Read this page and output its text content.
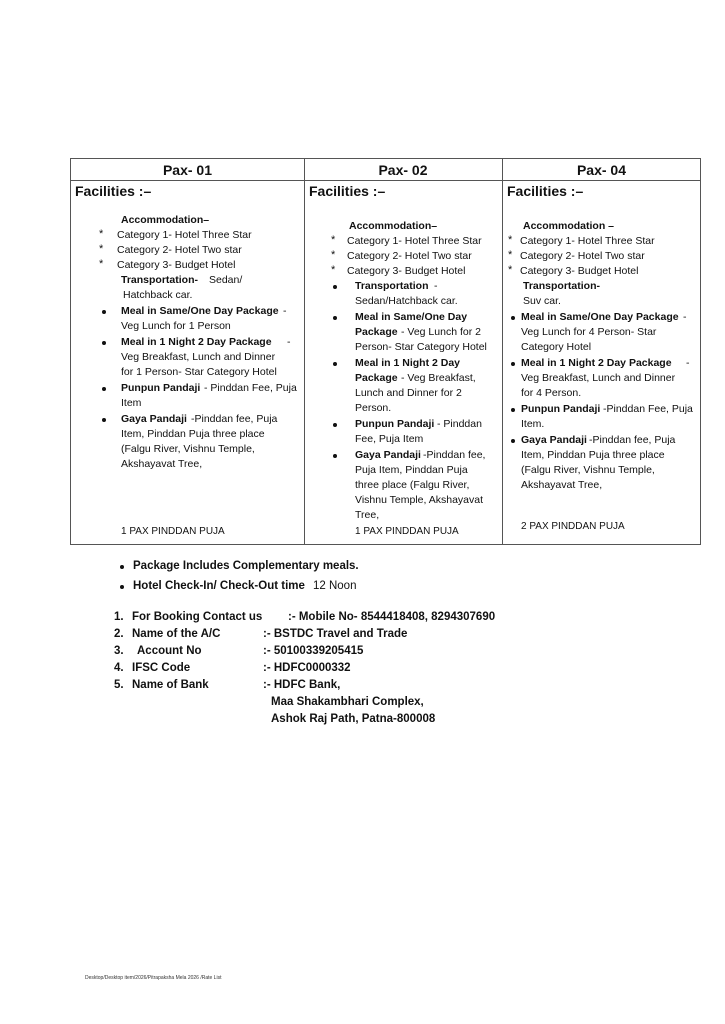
Pax- 01	Pax- 02	Pax- 04
Facilities :–
Accommodation–
* Category 1- Hotel Three Star
* Category 2- Hotel Two star
* Category 3- Budget Hotel
Transportation- Sedan/
Hatchback car.
Meal in Same/One Day Package -
Veg Lunch for 1 Person
Meal in 1 Night 2 Day Package -
Veg Breakfast, Lunch and Dinner
for 1 Person- Star Category Hotel
Punpun Pandaji - Pinddan Fee, Puja
Item
Gaya Pandaji -Pinddan fee, Puja
Item, Pinddan Puja three place
(Falgu River, Vishnu Temple,
Akshayavat Tree,
1 PAX PINDDAN PUJA
Facilities :–
Accommodation–
* Category 1- Hotel Three Star
* Category 2- Hotel Two star
* Category 3- Budget Hotel
Transportation -
Sedan/Hatchback car.
Meal in Same/One Day
Package - Veg Lunch for 2
Person- Star Category Hotel
Meal in 1 Night 2 Day
Package - Veg Breakfast,
Lunch and Dinner for 2
Person.
Punpun Pandaji - Pinddan
Fee, Puja Item
Gaya Pandaji -Pinddan fee,
Puja Item, Pinddan Puja
three place (Falgu River,
Vishnu Temple, Akshayavat
Tree,
1 PAX PINDDAN PUJA
Facilities :–
Accommodation –
* Category 1- Hotel Three Star
* Category 2- Hotel Two star
* Category 3- Budget Hotel
Transportation-
Suv car.
Meal in Same/One Day Package -
Veg Lunch for 4 Person- Star
Category Hotel
Meal in 1 Night 2 Day Package -
Veg Breakfast, Lunch and Dinner
for 4 Person.
Punpun Pandaji -Pinddan Fee, Puja
Item.
Gaya Pandaji -Pinddan fee, Puja
Item, Pinddan Puja three place
(Falgu River, Vishnu Temple,
Akshayavat Tree,
2 PAX PINDDAN PUJA
Package Includes Complementary meals.
Hotel Check-In/ Check-Out time 12 Noon
1. For Booking Contact us :- Mobile No- 8544418408, 8294307690
2. Name of the A/C	:- BSTDC Travel and Trade
3. Account No	:- 50100339205415
4. IFSC Code	:- HDFC0000332
5. Name of Bank	:- HDFC Bank,
Maa Shakambhari Complex,
Ashok Raj Path, Patna-800008
Desktop/Desktop item/2026/Pitrapaksha Mela 2026 /Rate List
